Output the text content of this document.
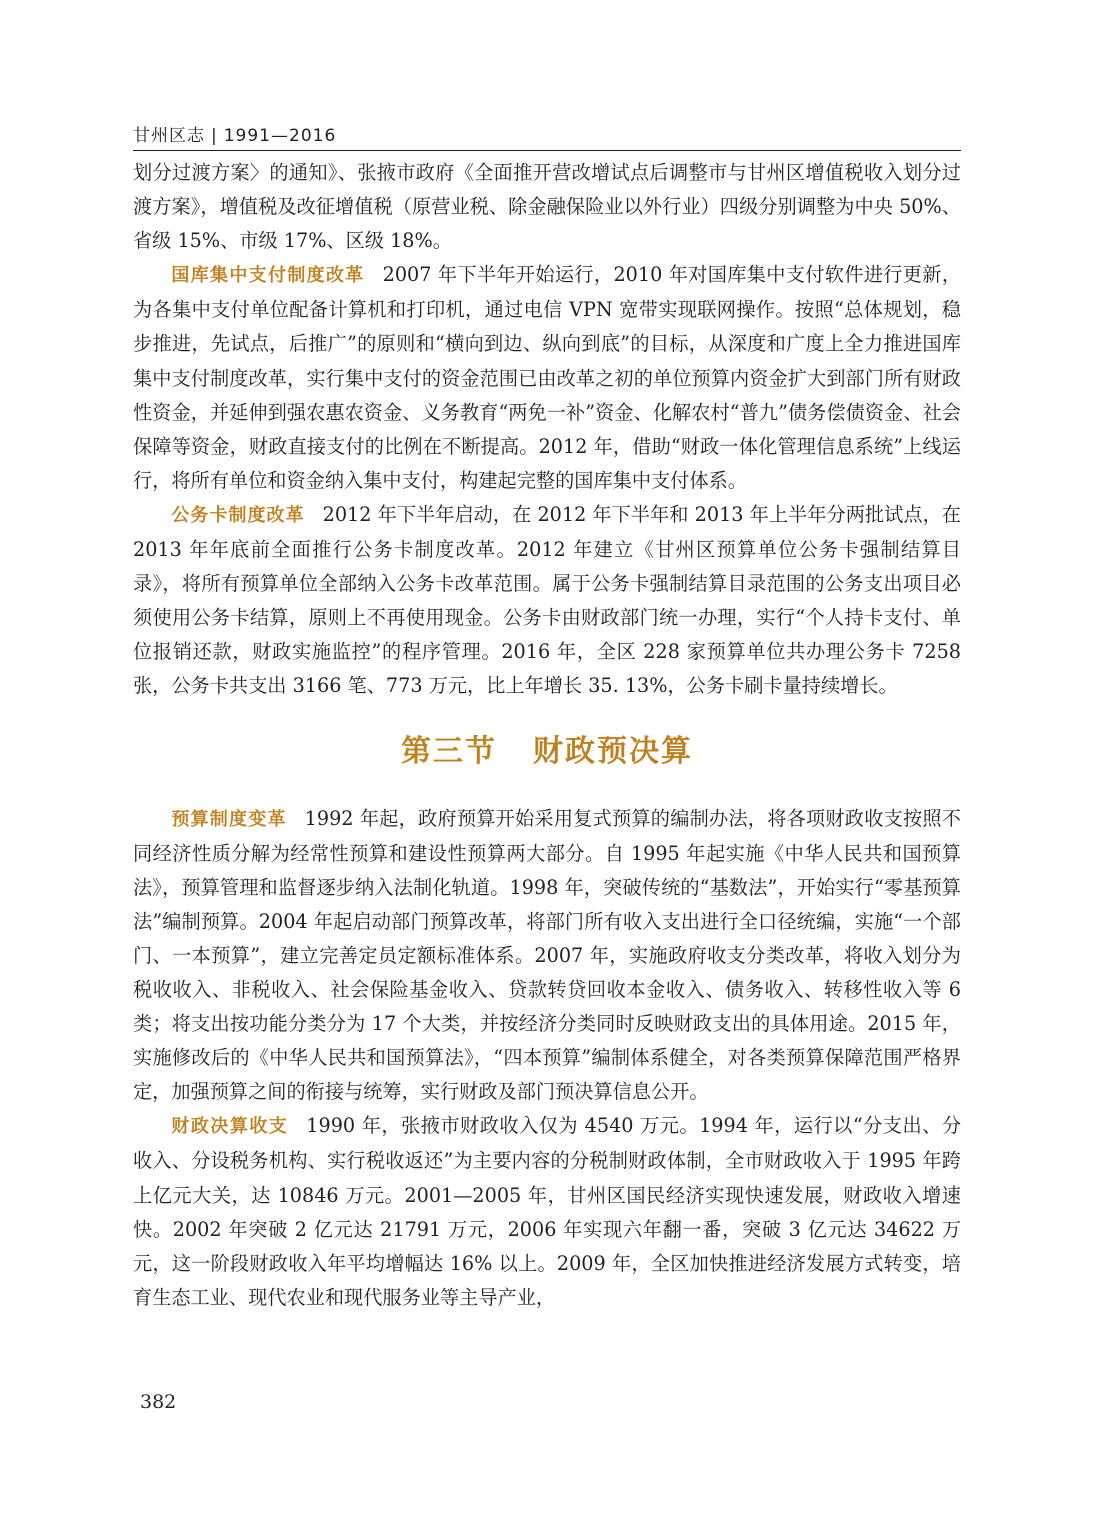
甘州区志 | 1991—2016

划分过渡方案〉的通知》、张掖市政府《全面推开营改增试点后调整市与甘州区增值税收入划分过渡方案》，增值税及改征增值税（原营业税、除金融保险业以外行业）四级分别调整为中央 50%、省级 15%、市级 17%、区级 18%。

国库集中支付制度改革 2007 年下半年开始运行，2010 年对国库集中支付软件进行更新，为各集中支付单位配备计算机和打印机，通过电信 VPN 宽带实现联网操作。按照“总体规划，稳步推进，先试点，后推广”的原则和“横向到边、纵向到底”的目标，从深度和广度上全力推进国库集中支付制度改革，实行集中支付的资金范围已由改革之初的单位预算内资金扩大到部门所有财政性资金，并延伸到强农惠农资金、义务教育“两免一补”资金、化解农村“普九”债务偿债资金、社会保障等资金，财政直接支付的比例在不断提高。2012 年，借助“财政一体化管理信息系统”上线运行，将所有单位和资金纳入集中支付，构建起完整的国库集中支付体系。

公务卡制度改革 2012 年下半年启动，在 2012 年下半年和 2013 年上半年分两批试点，在 2013 年年底前全面推行公务卡制度改革。2012 年建立《甘州区预算单位公务卡强制结算目录》，将所有预算单位全部纳入公务卡改革范围。属于公务卡强制结算目录范围的公务支出项目必须使用公务卡结算，原则上不再使用现金。公务卡由财政部门统一办理，实行“个人持卡支付、单位报销还款，财政实施监控”的程序管理。2016 年，全区 228 家预算单位共办理公务卡 7258 张，公务卡共支出 3166 笔、773 万元，比上年增长 35. 13%，公务卡刷卡量持续增长。

第三节 财政预决算

预算制度变革 1992 年起，政府预算开始采用复式预算的编制办法，将各项财政收支按照不同经济性质分解为经常性预算和建设性预算两大部分。自 1995 年起实施《中华人民共和国预算法》，预算管理和监督逐步纳入法制化轨道。1998 年，突破传统的“基数法”，开始实行“零基预算法”编制预算。2004 年起启动部门预算改革，将部门所有收入支出进行全口径统编，实施“一个部门、一本预算”，建立完善定员定额标准体系。2007 年，实施政府收支分类改革，将收入划分为税收收入、非税收入、社会保险基金收入、贷款转贷回收本金收入、债务收入、转移性收入等 6 类；将支出按功能分类分为 17 个大类，并按经济分类同时反映财政支出的具体用途。2015 年，实施修改后的《中华人民共和国预算法》，“四本预算”编制体系健全，对各类预算保障范围严格界定，加强预算之间的衔接与统筹，实行财政及部门预决算信息公开。

财政决算收支 1990 年，张掖市财政收入仅为 4540 万元。1994 年，运行以“分支出、分收入、分设税务机构、实行税收返还”为主要内容的分税制财政体制，全市财政收入于 1995 年跨上亿元大关，达 10846 万元。2001—2005 年，甘州区国民经济实现快速发展，财政收入增速快。2002 年突破 2 亿元达 21791 万元，2006 年实现六年翻一番，突破 3 亿元达 34622 万元，这一阶段财政收入年平均增幅达 16% 以上。2009 年，全区加快推进经济发展方式转变，培育生态工业、现代农业和现代服务业等主导产业，

382
